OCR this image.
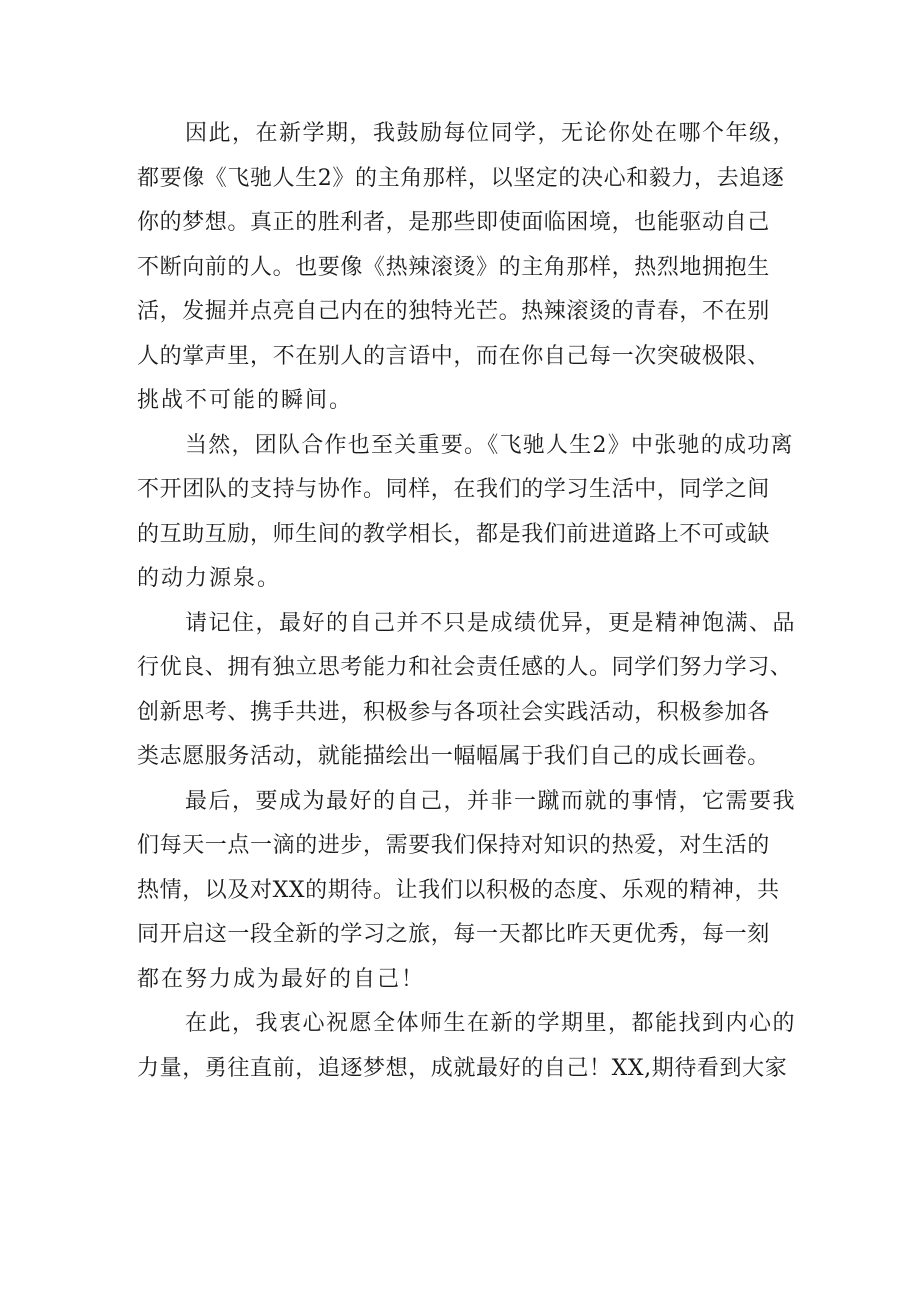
因此，在新学期，我鼓励每位同学，无论你处在哪个年级，
都要像《飞驰人生2》的主角那样，以坚定的决心和毅力，去追逐
你的梦想。真正的胜利者，是那些即使面临困境，也能驱动自己
不断向前的人。也要像《热辣滚烫》的主角那样，热烈地拥抱生
活，发掘并点亮自己内在的独特光芒。热辣滚烫的青春，不在别
人的掌声里，不在别人的言语中，而在你自己每一次突破极限、
挑战不可能的瞬间。
当然，团队合作也至关重要。《飞驰人生2》中张驰的成功离
不开团队的支持与协作。同样，在我们的学习生活中，同学之间
的互助互励，师生间的教学相长，都是我们前进道路上不可或缺
的动力源泉。
请记住，最好的自己并不只是成绩优异，更是精神饱满、品
行优良、拥有独立思考能力和社会责任感的人。同学们努力学习、
创新思考、携手共进，积极参与各项社会实践活动，积极参加各
类志愿服务活动，就能描绘出一幅幅属于我们自己的成长画卷。
最后，要成为最好的自己，并非一蹴而就的事情，它需要我
们每天一点一滴的进步，需要我们保持对知识的热爱，对生活的
热情，以及对XX的期待。让我们以积极的态度、乐观的精神，共
同开启这一段全新的学习之旅，每一天都比昨天更优秀，每一刻
都在努力成为最好的自己！
在此，我衷心祝愿全体师生在新的学期里，都能找到内心的
力量，勇往直前，追逐梦想，成就最好的自己！XX,期待看到大家
